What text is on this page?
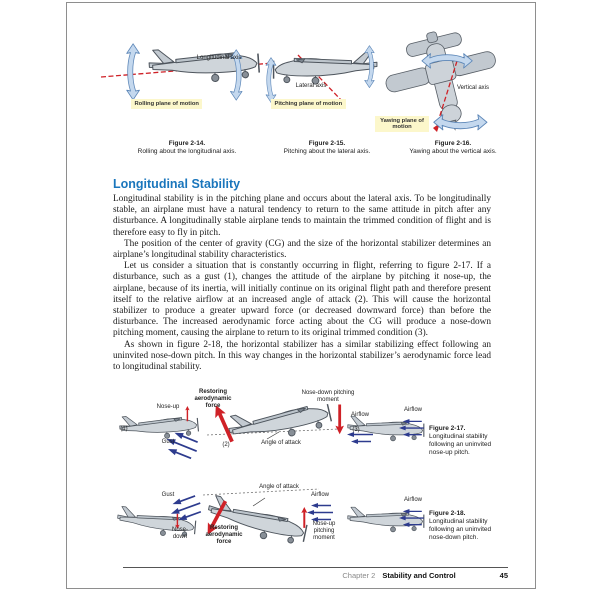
Longitudinal axis
Rolling plane of motion
Lateral axis
Pitching plane of motion
Vertical axis
Yawing plane of motion
Figure 2-14.
Rolling about the longitudinal axis.
Figure 2-15.
Pitching about the lateral axis.
Figure 2-16.
Yawing about the vertical axis.
Longitudinal Stability

Longitudinal stability is in the pitching plane and occurs about the lateral axis. To be longitudinally stable, an airplane must have a natural tendency to return to the same attitude in pitch after any disturbance. A longitudinally stable airplane tends to maintain the trimmed condition of flight and is therefore easy to fly in pitch.

The position of the center of gravity (CG) and the size of the horizontal stabilizer determines an airplane’s longitudinal stability characteristics.

Let us consider a situation that is constantly occurring in flight, referring to figure 2-17. If a disturbance, such as a gust (1), changes the attitude of the airplane by pitching it nose-up, the airplane, because of its inertia, will initially continue on its original flight path and therefore present itself to the relative airflow at an increased angle of attack (2). This will cause the horizontal stabilizer to produce a greater upward force (or decreased downward force) than before the disturbance. The increased aerodynamic force acting about the CG will produce a nose-down pitching moment, causing the airplane to return to its original trimmed condition (3).

As shown in figure 2-18, the horizontal stabilizer has a similar stabilizing effect following an uninvited nose-down pitch. In this way changes in the horizontal stabilizer’s aerodynamic force lead to longitudinal stability.

Nose-up
(1)
Gust
Restoring aerodynamic force
Nose-down pitching moment
Airflow
Angle of attack
(2)
(3)
Airflow
Figure 2-17.
Longitudinal stability following an uninvited nose-up pitch.
Gust
Nose-down
Angle of attack
Restoring aerodynamic force
Airflow
Nose-up pitching moment
Airflow
Figure 2-18.
Longitudinal stability following an uninvited nose-down pitch.
Chapter 2 Stability and Control	45
